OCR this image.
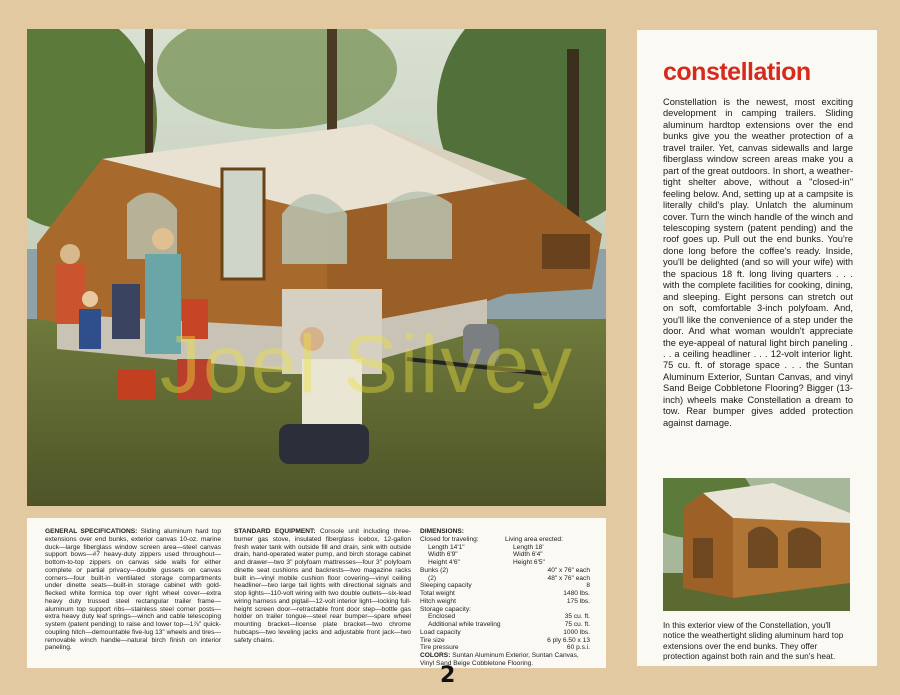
Joel Silvey
constellation

Constellation is the newest, most exciting development in camping trailers. Sliding aluminum hardtop extensions over the end bunks give you the weather protection of a travel trailer. Yet, canvas sidewalls and large fiberglass window screen areas make you a part of the great outdoors. In short, a weather-tight shelter above, without a "closed-in" feeling below. And, setting up at a campsite is literally child's play. Unlatch the aluminum cover. Turn the winch handle of the winch and telescoping system (patent pending) and the roof goes up. Pull out the end bunks. You're done long before the coffee's ready. Inside, you'll be delighted (and so will your wife) with the spacious 18 ft. long living quarters . . . with the complete facilities for cooking, dining, and sleeping. Eight persons can stretch out on soft, comfortable 3-inch polyfoam. And, you'll like the convenience of a step under the door. And what woman wouldn't appreciate the eye-appeal of natural light birch paneling . . . a ceiling headliner . . . 12-volt interior light. 75 cu. ft. of storage space . . . the Suntan Aluminum Exterior, Suntan Canvas, and vinyl Sand Beige Cobbletone Flooring? Bigger (13-inch) wheels make Constellation a dream to tow. Rear bumper gives added protection against damage.

In this exterior view of the Constellation, you'll notice the weathertight sliding aluminum hard top extensions over the end bunks. They offer protection against both rain and the sun's heat.

GENERAL SPECIFICATIONS: Sliding aluminum hard top extensions over end bunks, exterior canvas 10-oz. marine duck—large fiberglass window screen area—steel canvas support bows—#7 heavy-duty zippers used throughout—bottom-to-top zippers on canvas side walls for either complete or partial privacy—double gussets on canvas corners—four built-in ventilated storage compartments under dinette seats—built-in storage cabinet with gold-flecked white formica top over right wheel cover—extra heavy duty trussed steel rectangular trailer frame—aluminum top support ribs—stainless steel corner posts—extra heavy duty leaf springs—winch and cable telescoping system (patent pending) to raise and lower top—1⅞" quick-coupling hitch—demountable five-lug 13" wheels and tires—removable winch handle—natural birch finish on interior paneling.

STANDARD EQUIPMENT: Console unit including three-burner gas stove, insulated fiberglass icebox, 12-gallon fresh water tank with outside fill and drain, sink with outside drain, hand-operated water pump, and birch storage cabinet and drawer—two 3" polyfoam mattresses—four 3" polyfoam dinette seat cushions and backrests—two magazine racks built in—vinyl mobile cushion floor covering—vinyl ceiling headliner—two large tail lights with directional signals and stop lights—110-volt wiring with two double outlets—six-lead wiring harness and pigtail—12-volt interior light—locking full-height screen door—retractable front door step—bottle gas holder on trailer tongue—steel rear bumper—spare wheel mounting bracket—license plate bracket—two chrome hubcaps—two leveling jacks and adjustable front jack—two safety chains.

DIMENSIONS:
Closed for traveling:	Living area erected:
Length 14'1"	Length 18'
Width 6'9"	Width 6'4"
Height 4'6"	Height 6'5"
Bunks (2)	40" x 76" each
(2)	48" x 76" each
Sleeping capacity	8
Total weight	1480 lbs.
Hitch weight	175 lbs.
Storage capacity:
Enclosed	35 cu. ft.
Additional while traveling	75 cu. ft.
Load capacity	1000 lbs.
Tire size	6 ply 6.50 x 13
Tire pressure	60 p.s.i.
COLORS: Suntan Aluminum Exterior, Suntan Canvas, Vinyl Sand Beige Cobbletone Flooring.
2
